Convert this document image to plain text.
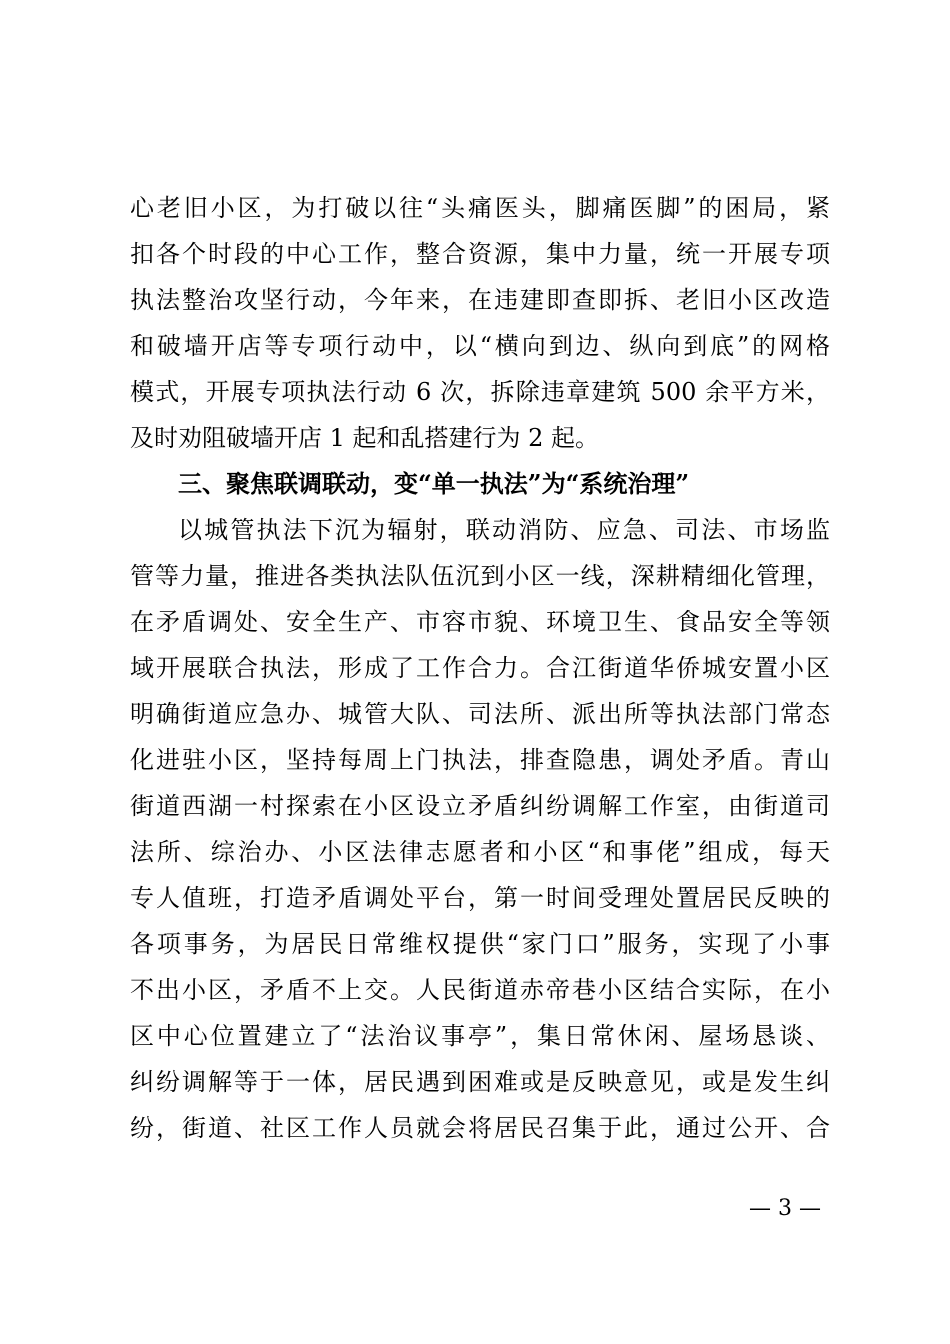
心老旧小区，为打破以往“头痛医头，脚痛医脚”的困局，紧
扣各个时段的中心工作，整合资源，集中力量，统一开展专项
执法整治攻坚行动，今年来，在违建即查即拆、老旧小区改造
和破墙开店等专项行动中，以“横向到边、纵向到底”的网格
模式，开展专项执法行动 6 次，拆除违章建筑 500 余平方米，
及时劝阻破墙开店 1 起和乱搭建行为 2 起。
三、聚焦联调联动，变“单一执法”为“系统治理”
以城管执法下沉为辐射，联动消防、应急、司法、市场监
管等力量，推进各类执法队伍沉到小区一线，深耕精细化管理，
在矛盾调处、安全生产、市容市貌、环境卫生、食品安全等领
域开展联合执法，形成了工作合力。合江街道华侨城安置小区
明确街道应急办、城管大队、司法所、派出所等执法部门常态
化进驻小区，坚持每周上门执法，排查隐患，调处矛盾。青山
街道西湖一村探索在小区设立矛盾纠纷调解工作室，由街道司
法所、综治办、小区法律志愿者和小区“和事佬”组成，每天
专人值班，打造矛盾调处平台，第一时间受理处置居民反映的
各项事务，为居民日常维权提供“家门口”服务，实现了小事
不出小区，矛盾不上交。人民街道赤帝巷小区结合实际，在小
区中心位置建立了“法治议事亭”，集日常休闲、屋场恳谈、
纠纷调解等于一体，居民遇到困难或是反映意见，或是发生纠
纷，街道、社区工作人员就会将居民召集于此，通过公开、合
— 3 —
